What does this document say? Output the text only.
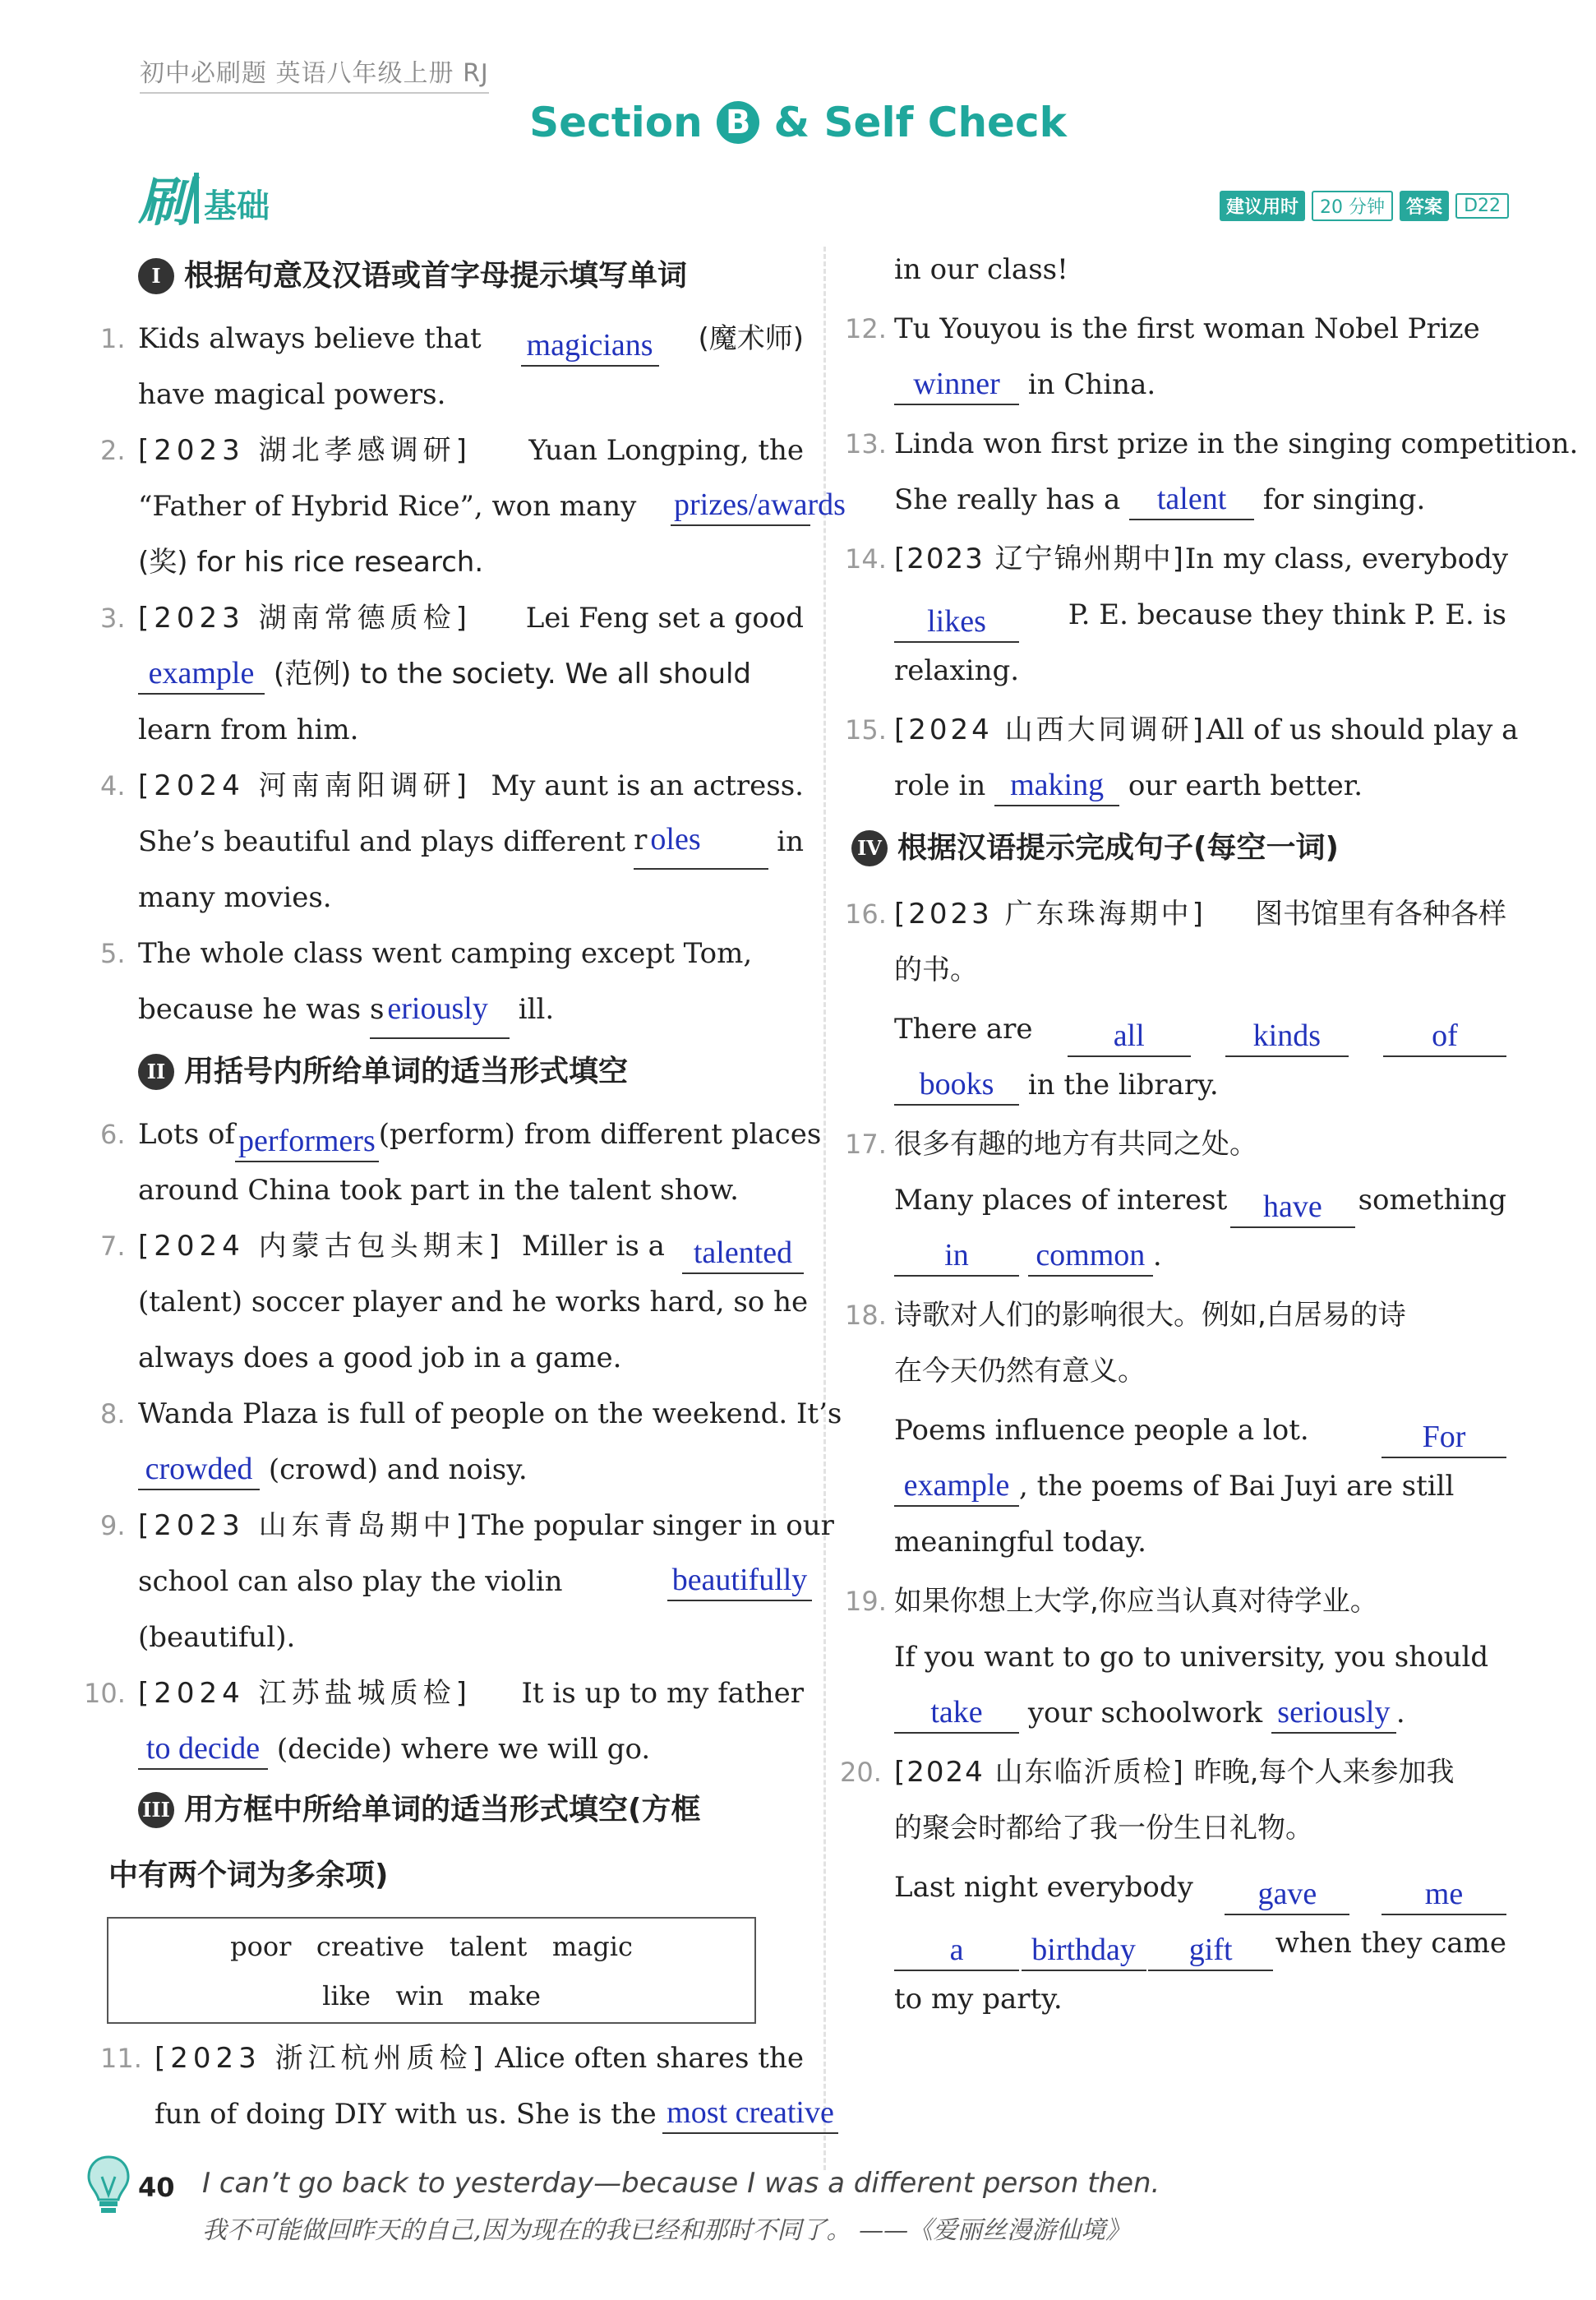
初中必刷题 英语八年级上册 RJ
Section B & Self Check
刷 基础	建议用时	20 分钟	答案	D22
I 根据句意及汉语或首字母提示填写单词
1. Kids always believe that magicians (魔术师)
have magical powers.
2. [2023 湖北孝感调研] Yuan Longping, the
“Father of Hybrid Rice”, won many prizes/awards
(奖) for his rice research.
3. [2023 湖南常德质检] Lei Feng set a good
example (范例) to the society. We all should
learn from him.
4. [2024 河南南阳调研] My aunt is an actress.
She’s beautiful and plays different r oles	in
many movies.
5. The whole class went camping except Tom,
because he was s eriously ill.
II 用括号内所给单词的适当形式填空
6. Lots of performers (perform) from different places
around China took part in the talent show.
7. [2024 内蒙古包头期末] Miller is a talented
(talent) soccer player and he works hard, so he
always does a good job in a game.
8. Wanda Plaza is full of people on the weekend. It’s
crowded (crowd) and noisy.
9. [2023 山东青岛期中] The popular singer in our
school can also play the violin	beautifully
(beautiful).
10. [2024 江苏盐城质检] It is up to my father
to decide (decide) where we will go.
III 用方框中所给单词的适当形式填空(方框
中有两个词为多余项)
poor   creative   talent   magic
like   win   make
11. [2023 浙江杭州质检] Alice often shares the
fun of doing DIY with us. She is the most creative
in our class!
12. Tu Youyou is the first woman Nobel Prize
winner in China.
13. Linda won first prize in the singing competition.
She really has a talent for singing.
14. [2023 辽宁锦州期中] In my class, everybody
likes	P. E. because they think P. E. is
relaxing.
15. [2024 山西大同调研] All of us should play a
role in making our earth better.
IV 根据汉语提示完成句子(每空一词)
16. [2023 广东珠海期中] 图书馆里有各种各样
的书。
There are	all	kinds	of
books in the library.
17. 很多有趣的地方有共同之处。
Many places of interest	have	something
in common .
18. 诗歌对人们的影响很大。例如,白居易的诗
在今天仍然有意义。
Poems influence people a lot.	For
example , the poems of Bai Juyi are still
meaningful today.
19. 如果你想上大学,你应当认真对待学业。
If you want to go to university, you should
take your schoolwork seriously .
20. [2024 山东临沂质检] 昨晚,每个人来参加我
的聚会时都给了我一份生日礼物。
Last night everybody	gave	me
a	birthday	gift	when they came
to my party.
40 I can’t go back to yesterday—because I was a different person then.
我不可能做回昨天的自己,因为现在的我已经和那时不同了。 ——《爱丽丝漫游仙境》
